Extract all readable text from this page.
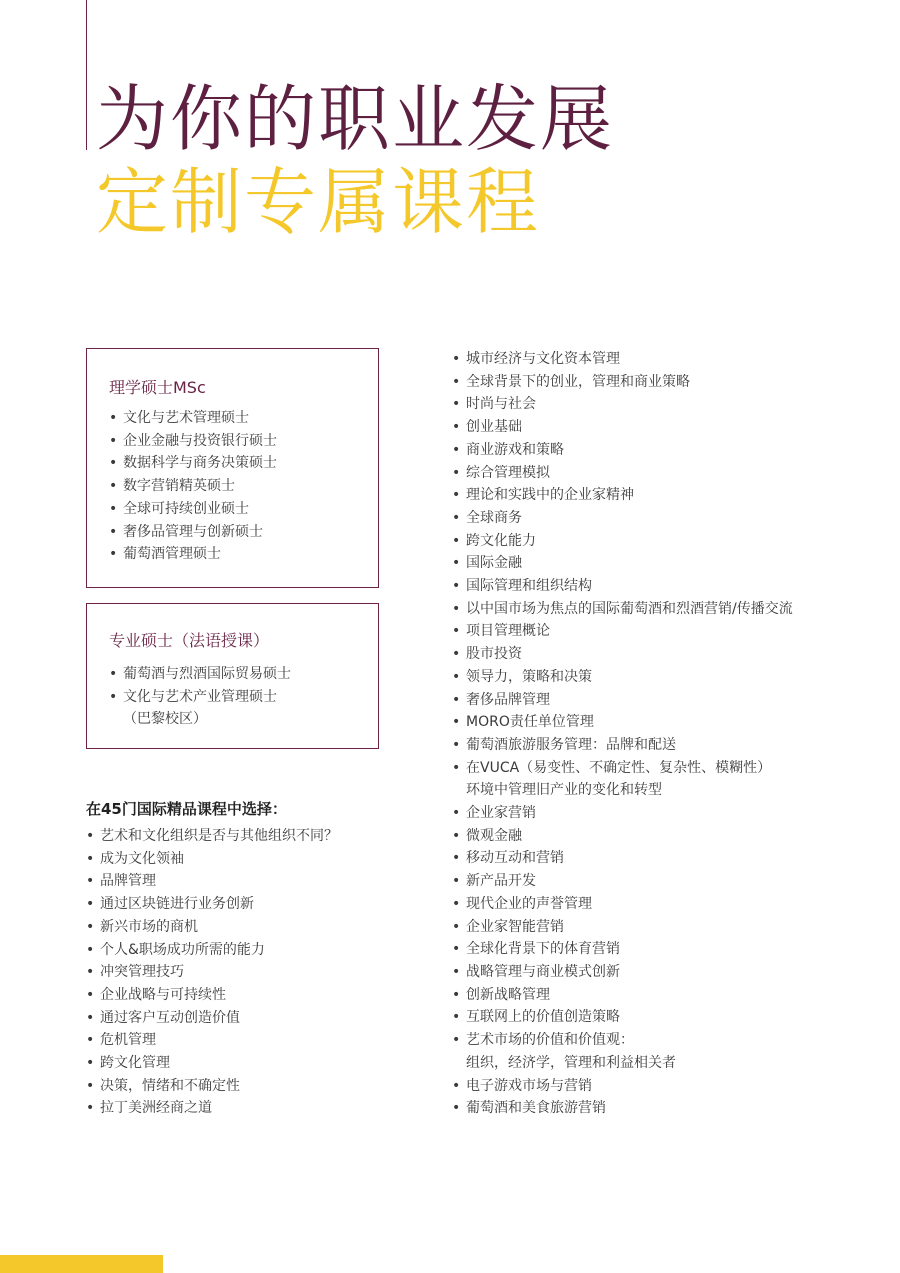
为你的职业发展
定制专属课程
理学硕士MSc
• 文化与艺术管理硕士
• 企业金融与投资银行硕士
• 数据科学与商务决策硕士
• 数字营销精英硕士
• 全球可持续创业硕士
• 奢侈品管理与创新硕士
• 葡萄酒管理硕士
专业硕士（法语授课）
• 葡萄酒与烈酒国际贸易硕士
• 文化与艺术产业管理硕士
（巴黎校区）
在45门国际精品课程中选择：
• 艺术和文化组织是否与其他组织不同？
• 成为文化领袖
• 品牌管理
• 通过区块链进行业务创新
• 新兴市场的商机
• 个人&职场成功所需的能力
• 冲突管理技巧
• 企业战略与可持续性
• 通过客户互动创造价值
• 危机管理
• 跨文化管理
• 决策，情绪和不确定性
• 拉丁美洲经商之道
• 城市经济与文化资本管理
• 全球背景下的创业，管理和商业策略
• 时尚与社会
• 创业基础
• 商业游戏和策略
• 综合管理模拟
• 理论和实践中的企业家精神
• 全球商务
• 跨文化能力
• 国际金融
• 国际管理和组织结构
• 以中国市场为焦点的国际葡萄酒和烈酒营销/传播交流
• 项目管理概论
• 股市投资
• 领导力，策略和决策
• 奢侈品牌管理
• MORO责任单位管理
• 葡萄酒旅游服务管理：品牌和配送
• 在VUCA（易变性、不确定性、复杂性、模糊性）
环境中管理旧产业的变化和转型
• 企业家营销
• 微观金融
• 移动互动和营销
• 新产品开发
• 现代企业的声誉管理
• 企业家智能营销
• 全球化背景下的体育营销
• 战略管理与商业模式创新
• 创新战略管理
• 互联网上的价值创造策略
• 艺术市场的价值和价值观：
组织，经济学，管理和利益相关者
• 电子游戏市场与营销
• 葡萄酒和美食旅游营销
